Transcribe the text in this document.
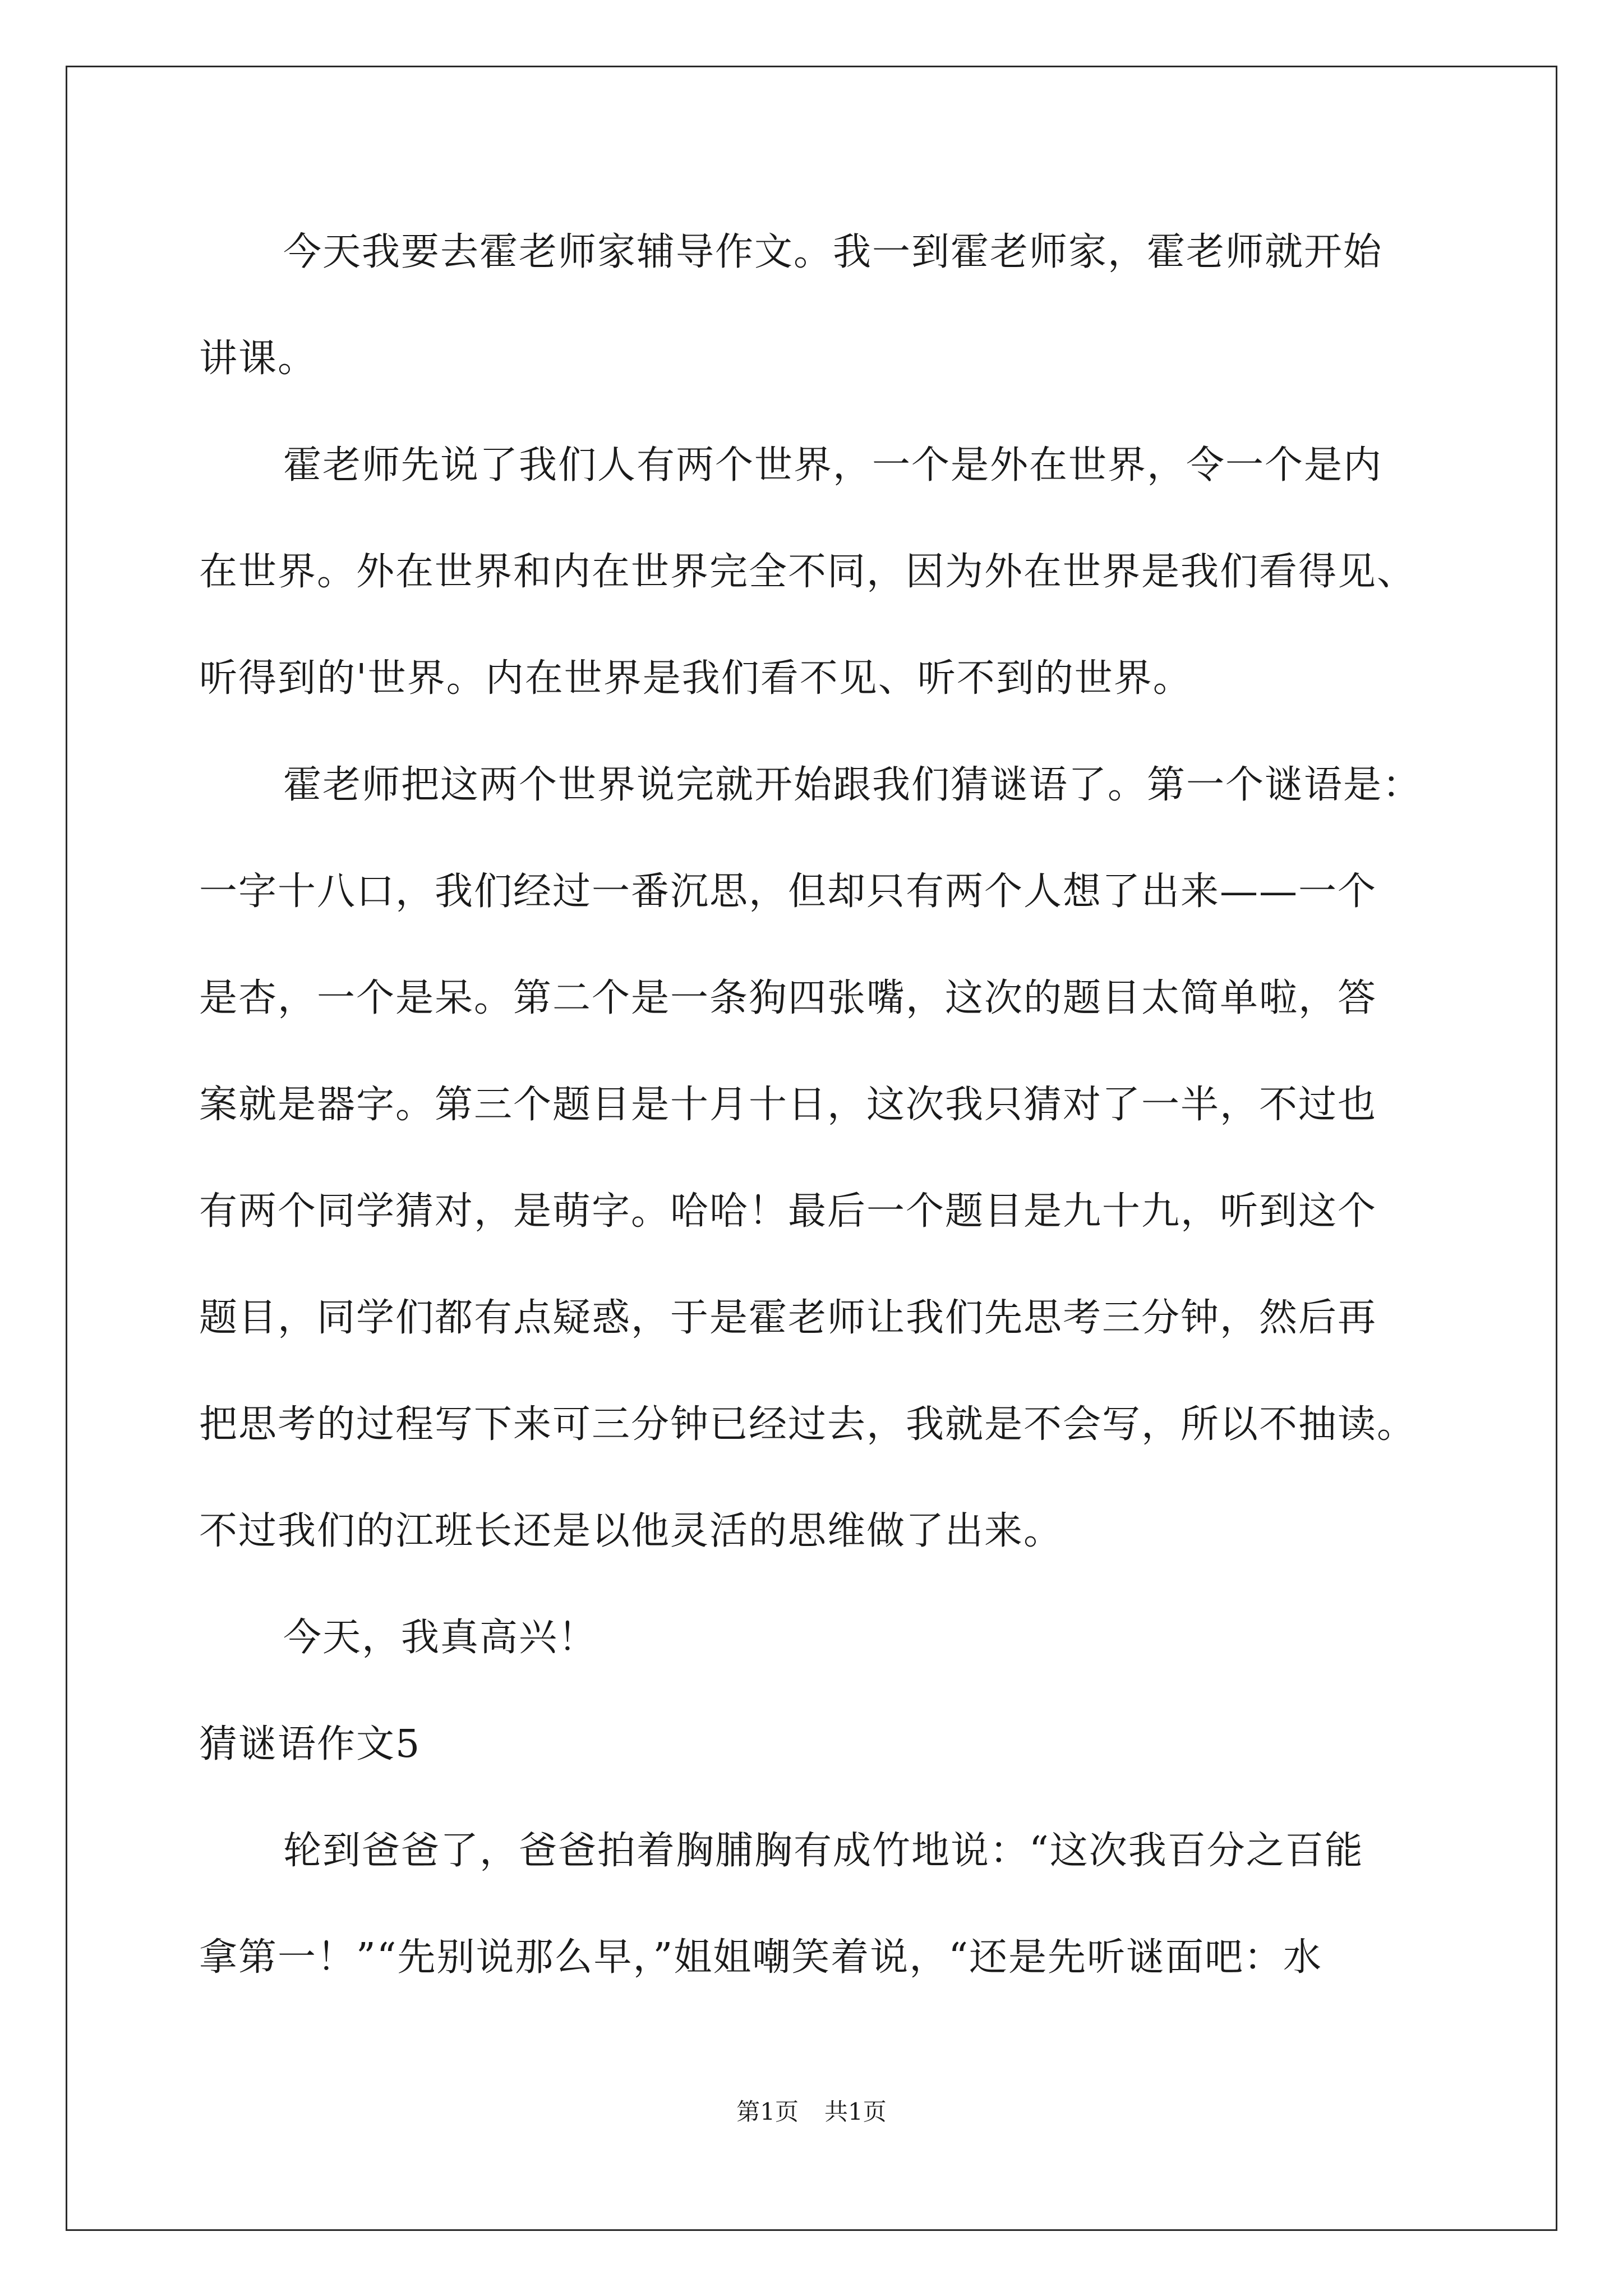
今天我要去霍老师家辅导作文。我一到霍老师家，霍老师就开始
讲课。
霍老师先说了我们人有两个世界，一个是外在世界，令一个是内
在世界。外在世界和内在世界完全不同，因为外在世界是我们看得见、
听得到的'世界。内在世界是我们看不见、听不到的世界。
霍老师把这两个世界说完就开始跟我们猜谜语了。第一个谜语是：
一字十八口，我们经过一番沉思，但却只有两个人想了出来——一个
是杏，一个是呆。第二个是一条狗四张嘴，这次的题目太简单啦，答
案就是器字。第三个题目是十月十日，这次我只猜对了一半，不过也
有两个同学猜对，是萌字。哈哈！最后一个题目是九十九，听到这个
题目，同学们都有点疑惑，于是霍老师让我们先思考三分钟，然后再
把思考的过程写下来可三分钟已经过去，我就是不会写，所以不抽读。
不过我们的江班长还是以他灵活的思维做了出来。
今天，我真高兴！
猜谜语作文5
轮到爸爸了，爸爸拍着胸脯胸有成竹地说：“这次我百分之百能
拿第一！”“先别说那么早，”姐姐嘲笑着说，“还是先听谜面吧：水
第1页 共1页
